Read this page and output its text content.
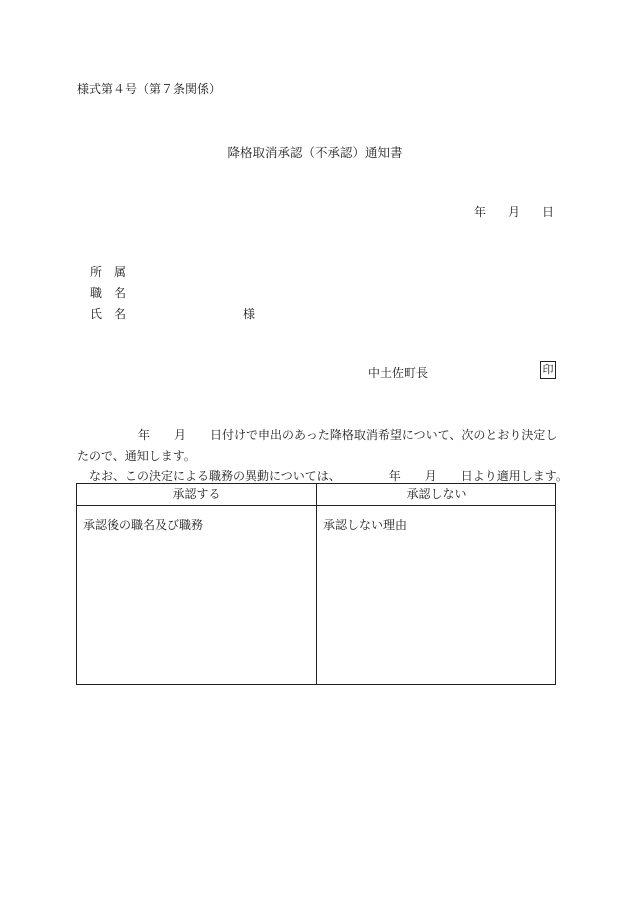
様式第４号（第７条関係）
降格取消承認（不承認）通知書
年 月 日
所　属
職　名
氏　名	様
中土佐町長	印
年 月 日付けで申出のあった降格取消希望について、次のとおり決定し
たので、通知します。
なお、この決定による職務の異動については、	年 月 日より適用します。
承認する	承認しない
承認後の職名及び職務	承認しない理由
